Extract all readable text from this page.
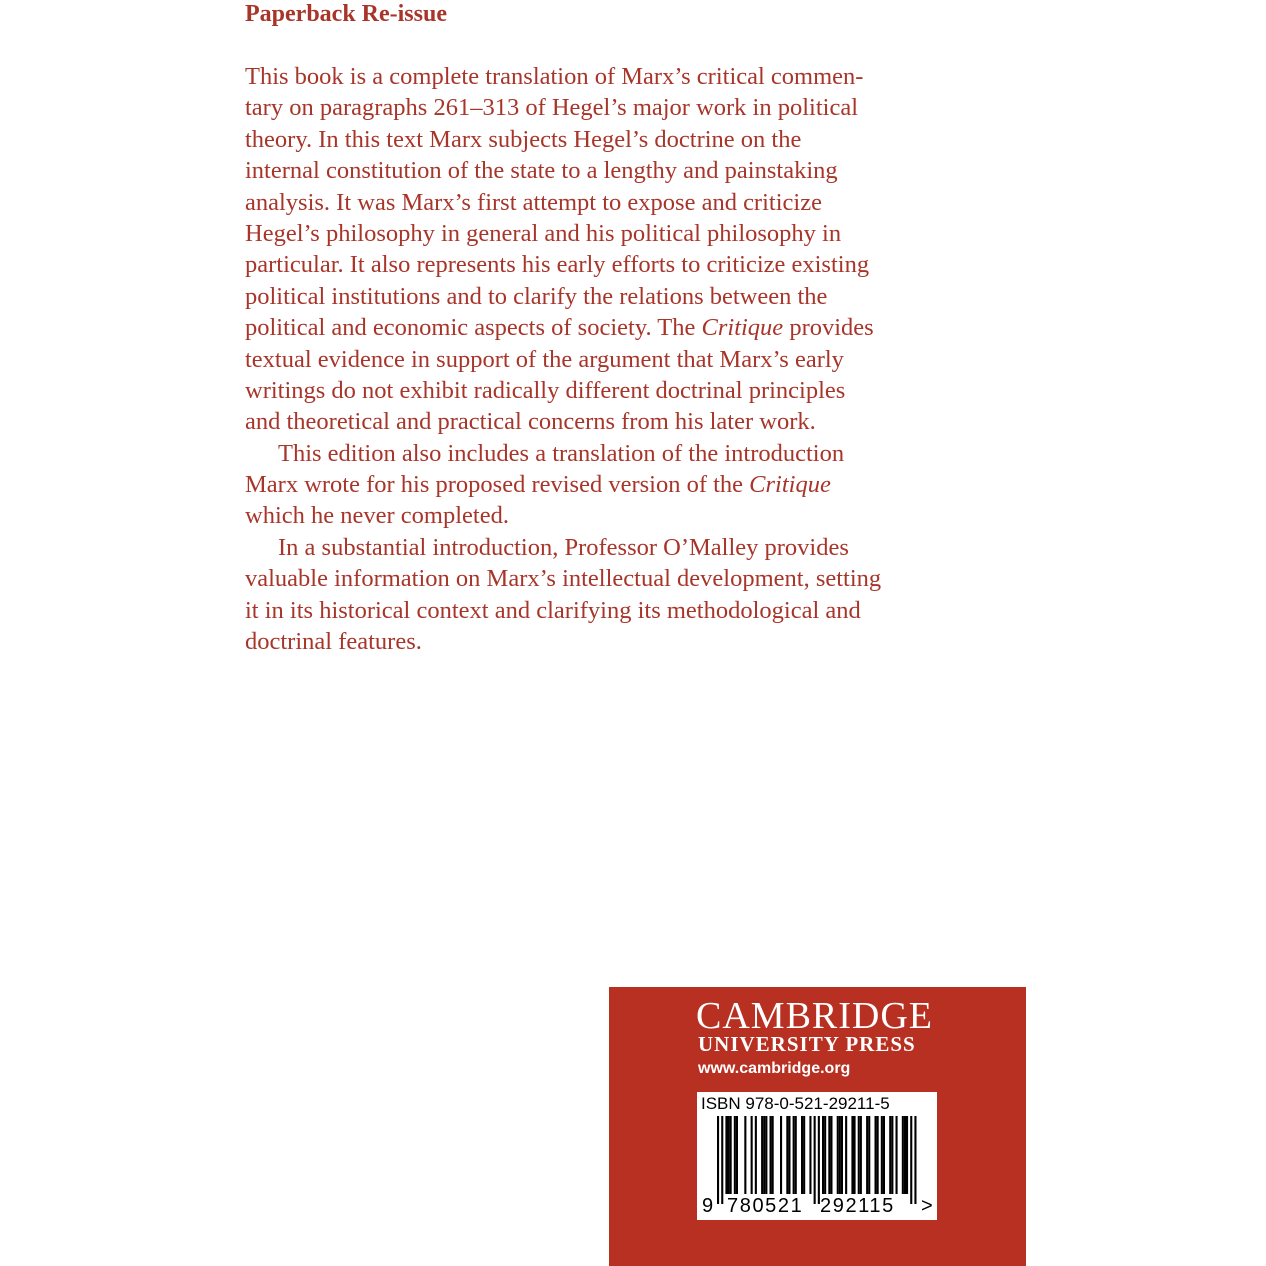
Paperback Re-issue
This book is a complete translation of Marx’s critical commen-
tary on paragraphs 261–313 of Hegel’s major work in political
theory. In this text Marx subjects Hegel’s doctrine on the
internal constitution of the state to a lengthy and painstaking
analysis. It was Marx’s first attempt to expose and criticize
Hegel’s philosophy in general and his political philosophy in
particular. It also represents his early efforts to criticize existing
political institutions and to clarify the relations between the
political and economic aspects of society. The Critique provides
textual evidence in support of the argument that Marx’s early
writings do not exhibit radically different doctrinal principles
and theoretical and practical concerns from his later work.
This edition also includes a translation of the introduction
Marx wrote for his proposed revised version of the Critique
which he never completed.
In a substantial introduction, Professor O’Malley provides
valuable information on Marx’s intellectual development, setting
it in its historical context and clarifying its methodological and
doctrinal features.
CAMBRIDGE
UNIVERSITY PRESS
www.cambridge.org
ISBN 978-0-521-29211-5
9 780521 292115 >
